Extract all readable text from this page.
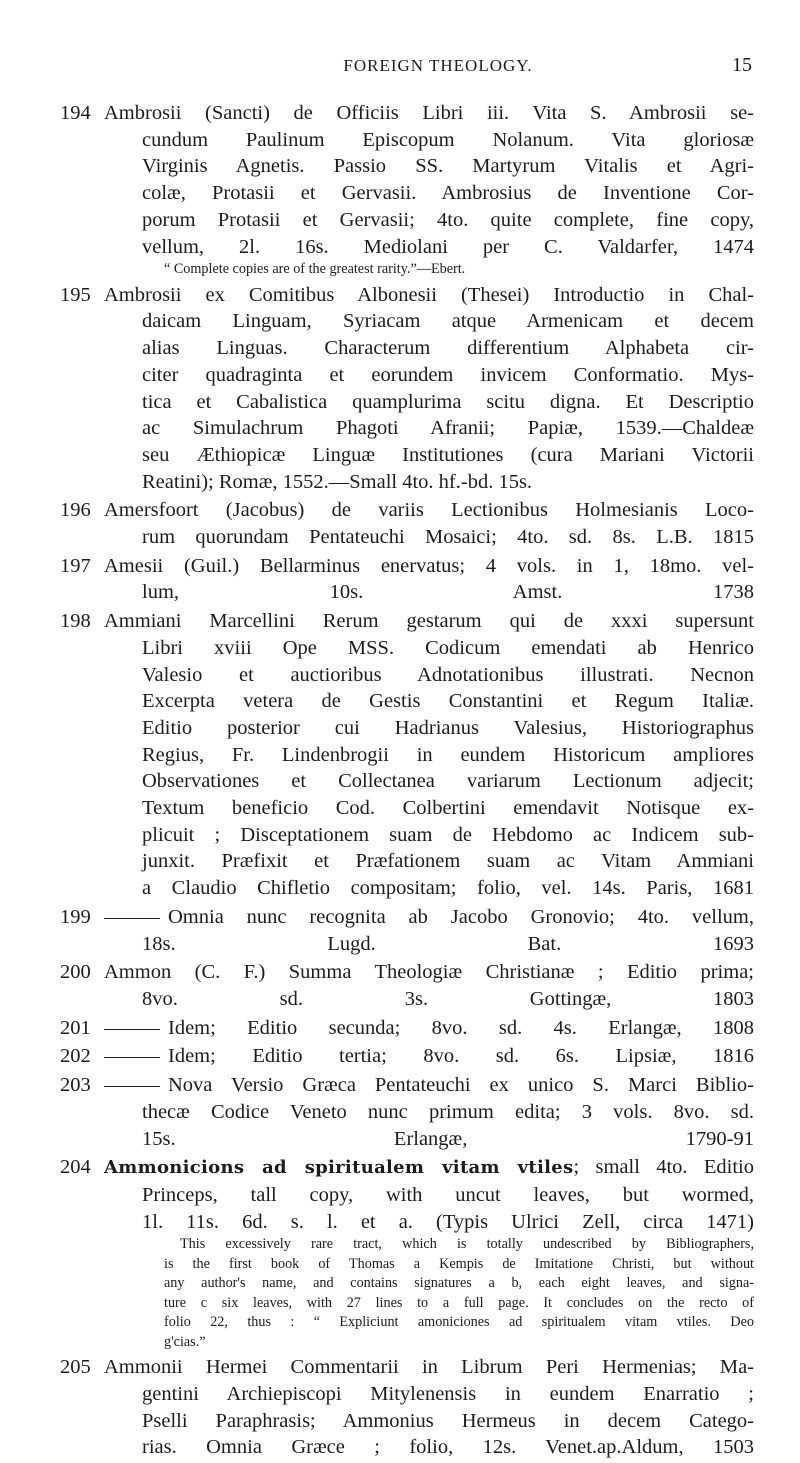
FOREIGN THEOLOGY.	15
194 Ambrosii (Sancti) de Officiis Libri iii. Vita S. Ambrosii se-
cundum Paulinum Episcopum Nolanum. Vita gloriosæ
Virginis Agnetis. Passio SS. Martyrum Vitalis et Agri-
colæ, Protasii et Gervasii. Ambrosius de Inventione Cor-
porum Protasii et Gervasii; 4to. quite complete, fine copy,
vellum, 2l. 16s. Mediolani per C. Valdarfer, 1474
“ Complete copies are of the greatest rarity.”—Ebert.
195 Ambrosii ex Comitibus Albonesii (Thesei) Introductio in Chal-
daicam Linguam, Syriacam atque Armenicam et decem
alias Linguas. Characterum differentium Alphabeta cir-
citer quadraginta et eorundem invicem Conformatio. Mys-
tica et Cabalistica quamplurima scitu digna. Et Descriptio
ac Simulachrum Phagoti Afranii; Papiæ, 1539.—Chaldeæ
seu Æthiopicæ Linguæ Institutiones (cura Mariani Victorii
Reatini); Romæ, 1552.—Small 4to. hf.-bd. 15s.
196 Amersfoort (Jacobus) de variis Lectionibus Holmesianis Loco-
rum quorundam Pentateuchi Mosaici; 4to. sd. 8s. L.B. 1815
197 Amesii (Guil.) Bellarminus enervatus; 4 vols. in 1, 18mo. vel-
lum, 10s. Amst. 1738
198 Ammiani Marcellini Rerum gestarum qui de xxxi supersunt
Libri xviii Ope MSS. Codicum emendati ab Henrico
Valesio et auctioribus Adnotationibus illustrati. Necnon
Excerpta vetera de Gestis Constantini et Regum Italiæ.
Editio posterior cui Hadrianus Valesius, Historiographus
Regius, Fr. Lindenbrogii in eundem Historicum ampliores
Observationes et Collectanea variarum Lectionum adjecit;
Textum beneficio Cod. Colbertini emendavit Notisque ex-
plicuit ; Disceptationem suam de Hebdomo ac Indicem sub-
junxit. Præfixit et Præfationem suam ac Vitam Ammiani
a Claudio Chifletio compositam; folio, vel. 14s. Paris, 1681
199	Omnia nunc recognita ab Jacobo Gronovio; 4to. vellum,
18s. Lugd. Bat. 1693
200 Ammon (C. F.) Summa Theologiæ Christianæ ; Editio prima;
8vo. sd. 3s. Gottingæ, 1803
201	Idem; Editio secunda; 8vo. sd. 4s. Erlangæ, 1808
202	Idem; Editio tertia; 8vo. sd. 6s. Lipsiæ, 1816
203	Nova Versio Græca Pentateuchi ex unico S. Marci Biblio-
thecæ Codice Veneto nunc primum edita; 3 vols. 8vo. sd.
15s. Erlangæ, 1790-91
204 Ammonicions ad spiritualem vitam vtiles; small 4to. Editio
Princeps, tall copy, with uncut leaves, but wormed,
1l. 11s. 6d. s. l. et a. (Typis Ulrici Zell, circa 1471)
This excessively rare tract, which is totally undescribed by Bibliographers,
is the first book of Thomas a Kempis de Imitatione Christi, but without
any author's name, and contains signatures a b, each eight leaves, and signa-
ture c six leaves, with 27 lines to a full page. It concludes on the recto of
folio 22, thus : “ Expliciunt amoniciones ad spiritualem vitam vtiles. Deo
g'cias.”
205 Ammonii Hermei Commentarii in Librum Peri Hermenias; Ma-
gentini Archiepiscopi Mitylenensis in eundem Enarratio ;
Pselli Paraphrasis; Ammonius Hermeus in decem Catego-
rias. Omnia Græce ; folio, 12s. Venet.ap.Aldum, 1503
